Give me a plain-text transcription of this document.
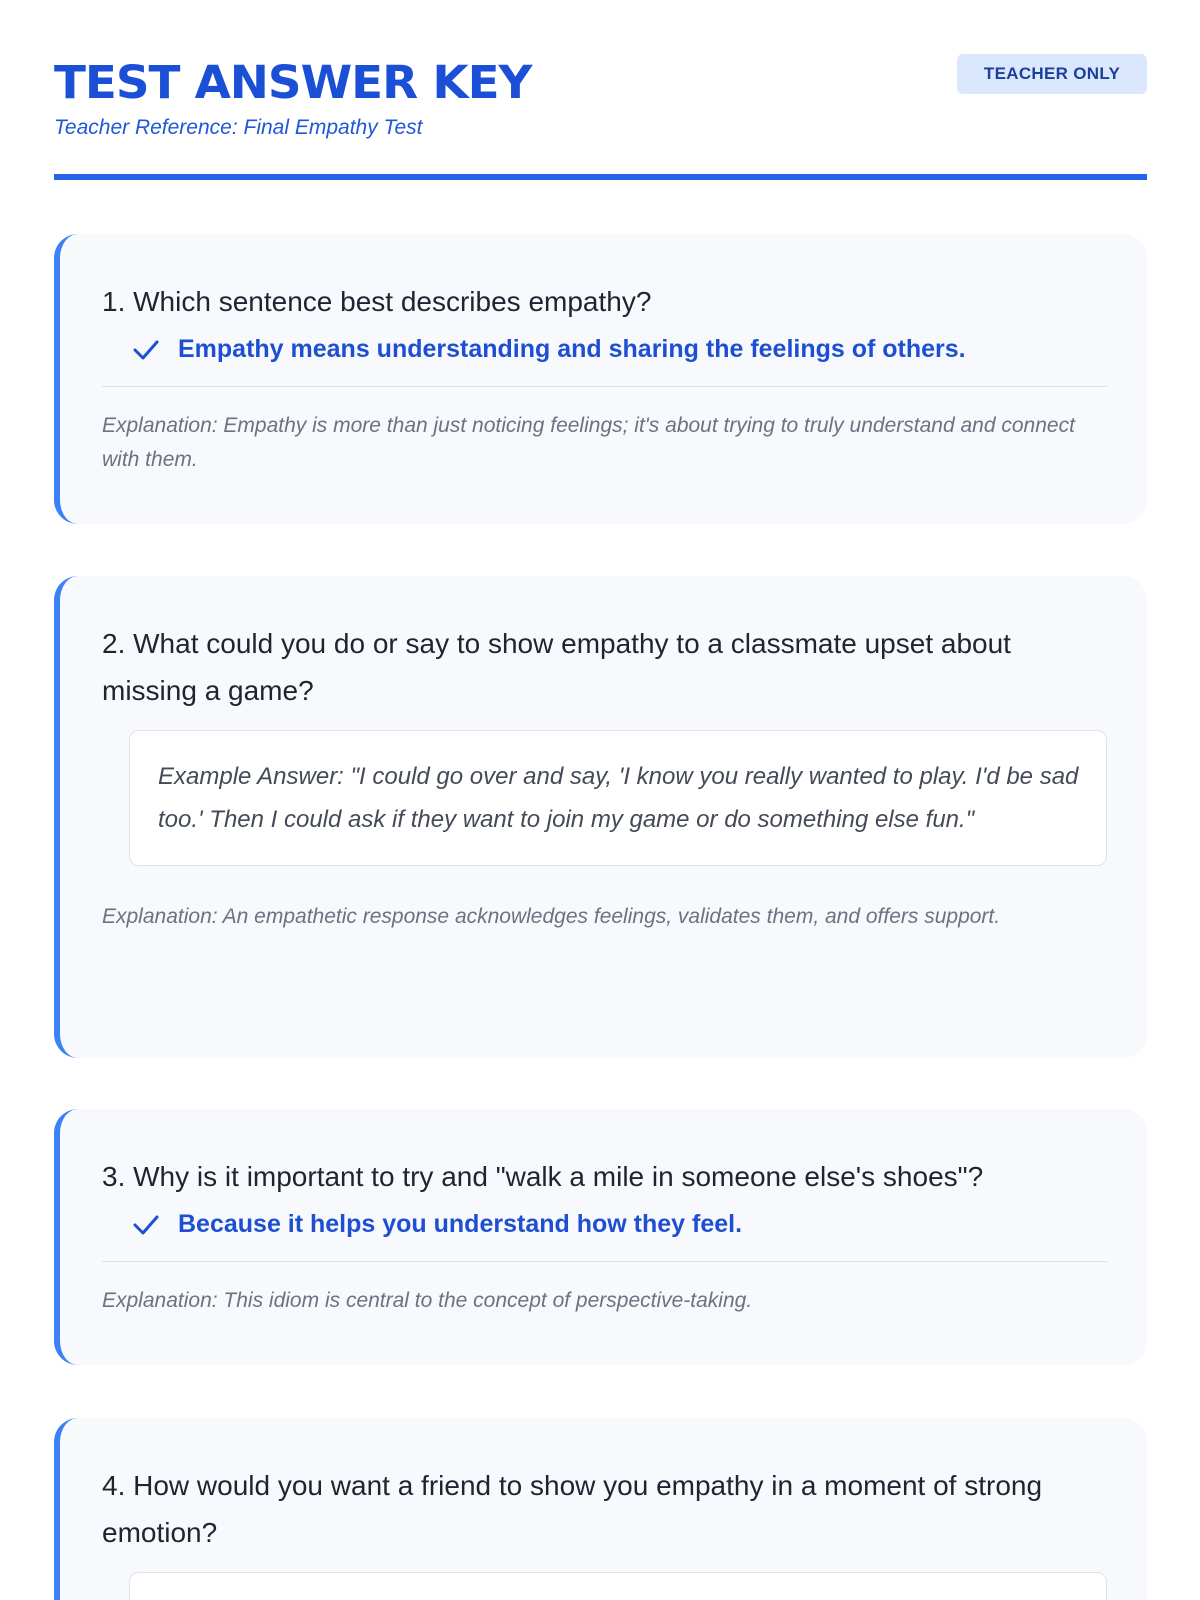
TEST ANSWER KEY
Teacher Reference: Final Empathy Test
TEACHER ONLY
1. Which sentence best describes empathy?
Empathy means understanding and sharing the feelings of others.
Explanation: Empathy is more than just noticing feelings; it's about trying to truly understand and connect with them.
2. What could you do or say to show empathy to a classmate upset about missing a game?
Example Answer: "I could go over and say, 'I know you really wanted to play. I'd be sad too.' Then I could ask if they want to join my game or do something else fun."
Explanation: An empathetic response acknowledges feelings, validates them, and offers support.
3. Why is it important to try and "walk a mile in someone else's shoes"?
Because it helps you understand how they feel.
Explanation: This idiom is central to the concept of perspective-taking.
4. How would you want a friend to show you empathy in a moment of strong emotion?
